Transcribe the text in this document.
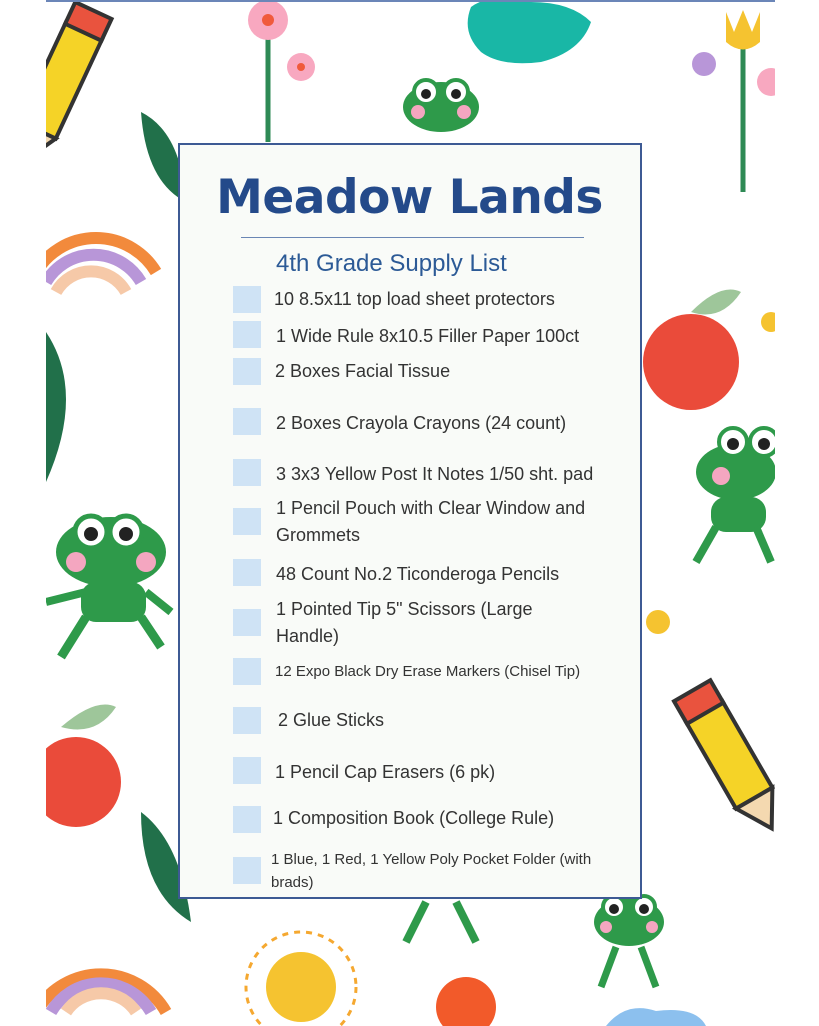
Meadow Lands
4th Grade Supply List
10 8.5x11 top load sheet protectors
1 Wide Rule 8x10.5 Filler Paper 100ct
2 Boxes Facial Tissue
2 Boxes Crayola Crayons (24 count)
3 3x3 Yellow Post It Notes 1/50 sht. pad
1 Pencil Pouch with Clear Window and Grommets
48 Count No.2 Ticonderoga Pencils
1 Pointed Tip 5" Scissors (Large Handle)
12 Expo Black Dry Erase Markers (Chisel Tip)
2 Glue Sticks
1 Pencil Cap Erasers (6 pk)
1 Composition Book (College Rule)
1 Blue, 1 Red, 1 Yellow Poly Pocket Folder (with brads)
